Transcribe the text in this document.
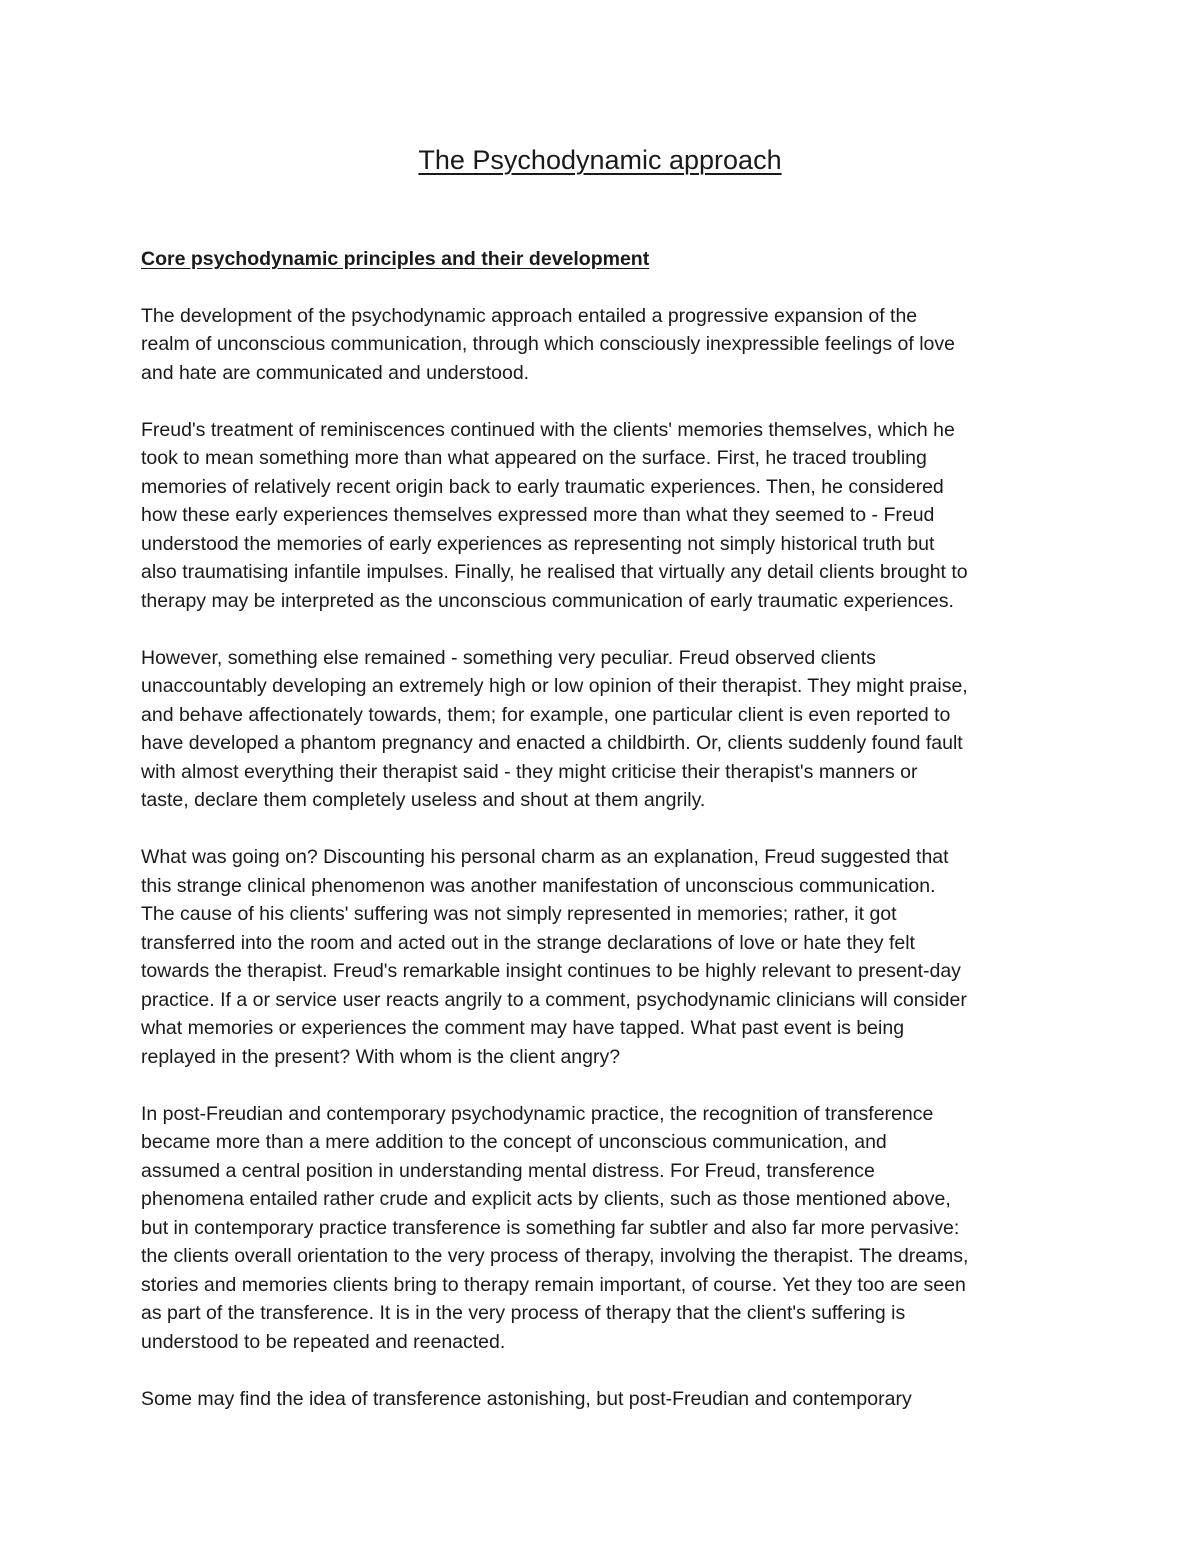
The Psychodynamic approach

Core psychodynamic principles and their development

The development of the psychodynamic approach entailed a progressive expansion of the
realm of unconscious communication, through which consciously inexpressible feelings of love
and hate are communicated and understood.

Freud's treatment of reminiscences continued with the clients' memories themselves, which he
took to mean something more than what appeared on the surface. First, he traced troubling
memories of relatively recent origin back to early traumatic experiences. Then, he considered
how these early experiences themselves expressed more than what they seemed to - Freud
understood the memories of early experiences as representing not simply historical truth but
also traumatising infantile impulses. Finally, he realised that virtually any detail clients brought to
therapy may be interpreted as the unconscious communication of early traumatic experiences.

However, something else remained - something very peculiar. Freud observed clients
unaccountably developing an extremely high or low opinion of their therapist. They might praise,
and behave affectionately towards, them; for example, one particular client is even reported to
have developed a phantom pregnancy and enacted a childbirth. Or, clients suddenly found fault
with almost everything their therapist said - they might criticise their therapist's manners or
taste, declare them completely useless and shout at them angrily.

What was going on? Discounting his personal charm as an explanation, Freud suggested that
this strange clinical phenomenon was another manifestation of unconscious communication.
The cause of his clients' suffering was not simply represented in memories; rather, it got
transferred into the room and acted out in the strange declarations of love or hate they felt
towards the therapist. Freud's remarkable insight continues to be highly relevant to present-day
practice. If a or service user reacts angrily to a comment, psychodynamic clinicians will consider
what memories or experiences the comment may have tapped. What past event is being
replayed in the present? With whom is the client angry?

In post-Freudian and contemporary psychodynamic practice, the recognition of transference
became more than a mere addition to the concept of unconscious communication, and
assumed a central position in understanding mental distress. For Freud, transference
phenomena entailed rather crude and explicit acts by clients, such as those mentioned above,
but in contemporary practice transference is something far subtler and also far more pervasive:
the clients overall orientation to the very process of therapy, involving the therapist. The dreams,
stories and memories clients bring to therapy remain important, of course. Yet they too are seen
as part of the transference. It is in the very process of therapy that the client's suffering is
understood to be repeated and reenacted.

Some may find the idea of transference astonishing, but post-Freudian and contemporary
